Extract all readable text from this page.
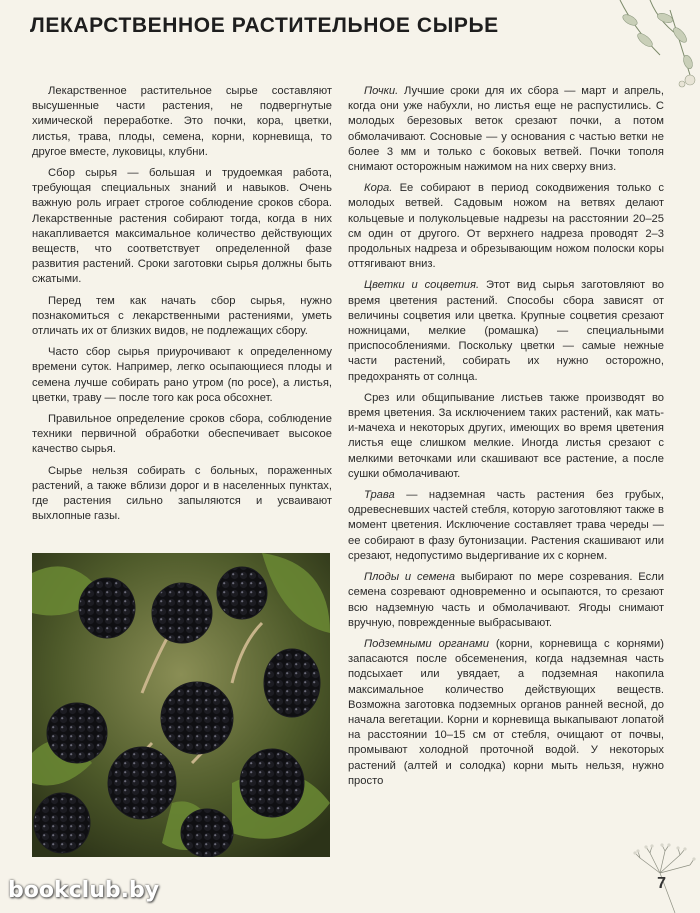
ЛЕКАРСТВЕННОЕ РАСТИТЕЛЬНОЕ СЫРЬЕ

Лекарственное растительное сырье составляют высушенные части растения, не подвергнутые химической переработке. Это почки, кора, цветки, листья, трава, плоды, семена, корни, корневища, то другое вместе, луковицы, клубни.

Сбор сырья — большая и трудоемкая работа, требующая специальных знаний и навыков. Очень важную роль играет строгое соблюдение сроков сбора. Лекарственные растения собирают тогда, когда в них накапливается максимальное количество действующих веществ, что соответствует определенной фазе развития растений. Сроки заготовки сырья должны быть сжатыми.

Перед тем как начать сбор сырья, нужно познакомиться с лекарственными растениями, уметь отличать их от близких видов, не подлежащих сбору.

Часто сбор сырья приурочивают к определенному времени суток. Например, легко осыпающиеся плоды и семена лучше собирать рано утром (по росе), а листья, цветки, траву — после того как роса обсохнет.

Правильное определение сроков сбора, соблюдение техники первичной обработки обеспечивает высокое качество сырья.

Сырье нельзя собирать с больных, пораженных растений, а также вблизи дорог и в населенных пунктах, где растения сильно запыляются и усваивают выхлопные газы.

Почки. Лучшие сроки для их сбора — март и апрель, когда они уже набухли, но листья еще не распустились. С молодых березовых веток срезают почки, а потом обмолачивают. Сосновые — у основания с частью ветки не более 3 мм и только с боковых ветвей. Почки тополя снимают осторожным нажимом на них сверху вниз.

Кора. Ее собирают в период сокодвижения только с молодых ветвей. Садовым ножом на ветвях делают кольцевые и полукольцевые надрезы на расстоянии 20–25 см один от другого. От верхнего надреза проводят 2–3 продольных надреза и обрезывающим ножом полоски коры оттягивают вниз.

Цветки и соцветия. Этот вид сырья заготовляют во время цветения растений. Способы сбора зависят от величины соцветия или цветка. Крупные соцветия срезают ножницами, мелкие (ромашка) — специальными приспособлениями. Поскольку цветки — самые нежные части растений, собирать их нужно осторожно, предохранять от солнца.

Срез или общипывание листьев также производят во время цветения. За исключением таких растений, как мать-и-мачеха и некоторых других, имеющих во время цветения листья еще слишком мелкие. Иногда листья срезают с мелкими веточками или скашивают все растение, а после сушки обмолачивают.

Трава — надземная часть растения без грубых, одревесневших частей стебля, которую заготовляют также в момент цветения. Исключение составляет трава череды — ее собирают в фазу бутонизации. Растения скашивают или срезают, недопустимо выдергивание их с корнем.

Плоды и семена выбирают по мере созревания. Если семена созревают одновременно и осыпаются, то срезают всю надземную часть и обмолачивают. Ягоды снимают вручную, поврежденные выбрасывают.

Подземными органами (корни, корневища с корнями) запасаются после обсеменения, когда надземная часть подсыхает или увядает, а подземная накопила максимальное количество действующих веществ. Возможна заготовка подземных органов ранней весной, до начала вегетации. Корни и корневища выкапывают лопатой на расстоянии 10–15 см от стебля, очищают от почвы, промывают холодной проточной водой. У некоторых растений (алтей и солодка) корни мыть нельзя, нужно просто

bookclub.by	7
